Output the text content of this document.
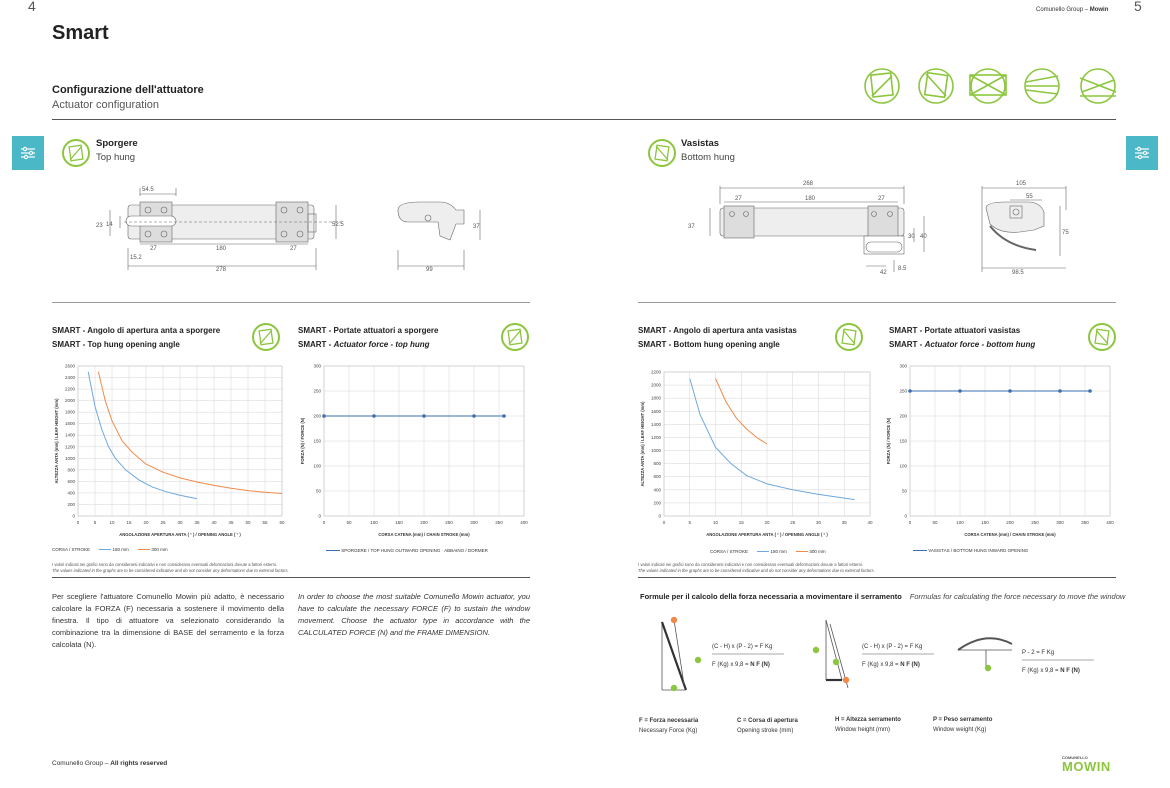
4	5
Comunello Group – Mowin
Smart
Configurazione dell'attuatore
Actuator configuration
Sporgere
Top hung
54.5
23 14	52.5
27	180	27
15.2
278
37
99
Vasistas
Bottom hung
268
27	180	27
37
30 40
42
8.5
105
55
75
98.5
SMART - Angolo di apertura anta a sporgere
SMART - Top hung opening angle
SMART - Portate attuatori a sporgere
SMART - Actuator force - top hung
SMART - Angolo di apertura anta vasistas
SMART - Bottom hung opening angle
SMART - Portate attuatori vasistas
SMART - Actuator force - bottom hung
0	5	10	15	20	25	30	35	40	45	50	55	60
0
200
400
600
800
1000
1200
1400
1600
1800
2000
2200
2400
2600
ANGOLAZIONE APERTURA ANTA ( ° ) / OPENING ANGLE ( ° )
ALTEZZA ANTA (mm) / LEAF HEIGHT (mm)
0	50	100	150	200	250	300	350	400
0
50
100
150
200
250
300
CORSA CATENA (mm) / CHAIN STROKE (mm)
FORZA (N) / FORCE (N)
0	5	10	15	20	25	30	35	40
0
200
400
600
800
1000
1200
1400
1600
1800
2000
2200
ANGOLAZIONE APERTURA ANTA ( ° ) / OPENING ANGLE ( ° )
ALTEZZA ANTA (mm) / LEAF HEIGHT (mm)
0	50	100	150	200	250	300	350	400
0
50
100
150
200
250
300
CORSA CATENA (mm) / CHAIN STROKE (mm)
FORZA (N) / FORCE (N)
CORSA / STROKE	180 mm	300 mm	SPORGERE / TOP HUNG OUTWARD OPENING · ABBAINO / DORMER	CORSA / STROKE	180 mm	300 mm	VASISTAS / BOTTOM HUNG INWARD OPENING
I valori indicati nei grafici sono da considerarsi indicativi e non considerano eventuali deformazioni dovute a fattori esterni.
The values indicated in the graphs are to be considered indicative and do not consider any deformations due to external factors.
I valori indicati nei grafici sono da considerarsi indicativi e non considerano eventuali deformazioni dovute a fattori esterni.
The values indicated in the graphs are to be considered indicative and do not consider any deformations due to external factors.
Per scegliere l'attuatore Comunello Mowin più adatto, è necessario calcolare la FORZA (F) necessaria a sostenere il movimento della finestra. Il tipo di attuatore va selezionato considerando la combinazione tra la dimensione di BASE del serramento e la forza calcolata (N).
In order to choose the most suitable Comunello Mowin actuator, you have to calculate the necessary FORCE (F) to sustain the window movement. Choose the actuator type in accordance with the CALCULATED FORCE (N) and the FRAME DIMENSION.
Formule per il calcolo della forza necessaria a movimentare il serramento Formulas for calculating the force necessary to move the window
(C - H) x (P - 2) = F Kg
F (Kg) x 9,8 = N F (N)
(C - H) x (P - 2) = F Kg
F (Kg) x 9,8 = N F (N)
P - 2 = F Kg
F (Kg) x 9,8 = N F (N)
F = Forza necessaria
Necessary Force (Kg)
C = Corsa di apertura
Opening stroke (mm)
H = Altezza serramento
Window height (mm)
P = Peso serramento
Window weight (Kg)
Comunello Group – All rights reserved
COMUNELLO
MOWIN
